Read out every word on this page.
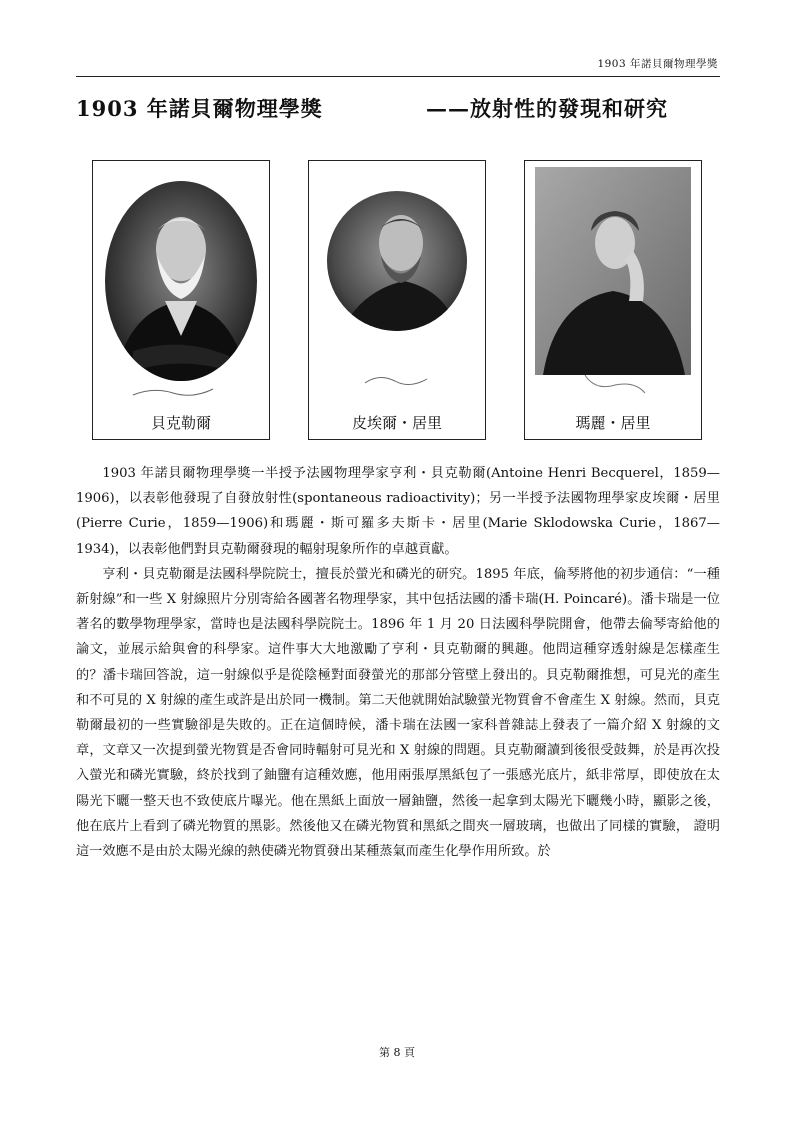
1903 年諾貝爾物理學獎
1903 年諾貝爾物理學獎	——放射性的發現和研究
貝克勒爾	皮埃爾・居里	瑪麗・居里

1903 年諾貝爾物理學獎一半授予法國物理學家亨利・貝克勒爾(Antoine Henri Becquerel，1859—1906)，以表彰他發現了自發放射性(spontaneous radioactivity)；另一半授予法國物理學家皮埃爾・居里(Pierre Curie，1859—1906)和瑪麗・斯可羅多夫斯卡・居里(Marie Sklodowska Curie，1867—1934)，以表彰他們對貝克勒爾發現的輻射現象所作的卓越貢獻。

亨利・貝克勒爾是法國科學院院士，擅長於螢光和磷光的研究。1895 年底，倫琴將他的初步通信：“一種新射線”和一些 X 射線照片分別寄給各國著名物理學家，其中包括法國的潘卡瑞(H. Poincaré)。潘卡瑞是一位著名的數學物理學家，當時也是法國科學院院士。1896 年 1 月 20 日法國科學院開會，他帶去倫琴寄給他的論文，並展示給與會的科學家。這件事大大地激勵了亨利・貝克勒爾的興趣。他問這種穿透射線是怎樣產生的？潘卡瑞回答說，這一射線似乎是從陰極對面發螢光的那部分管壁上發出的。貝克勒爾推想，可見光的產生和不可見的 X 射線的產生或許是出於同一機制。第二天他就開始試驗螢光物質會不會產生 X 射線。然而，貝克勒爾最初的一些實驗卻是失敗的。正在這個時候，潘卡瑞在法國一家科普雜誌上發表了一篇介紹 X 射線的文章，文章又一次提到螢光物質是否會同時輻射可見光和 X 射線的問題。貝克勒爾讀到後很受鼓舞，於是再次投入螢光和磷光實驗，終於找到了鈾鹽有這種效應，他用兩張厚黑紙包了一張感光底片，紙非常厚，即使放在太陽光下曬一整天也不致使底片曝光。他在黑紙上面放一層鈾鹽，然後一起拿到太陽光下曬幾小時，顯影之後，他在底片上看到了磷光物質的黑影。然後他又在磷光物質和黑紙之間夾一層玻璃，也做出了同樣的實驗， 證明這一效應不是由於太陽光線的熱使磷光物質發出某種蒸氣而產生化學作用所致。於

第 8 頁
